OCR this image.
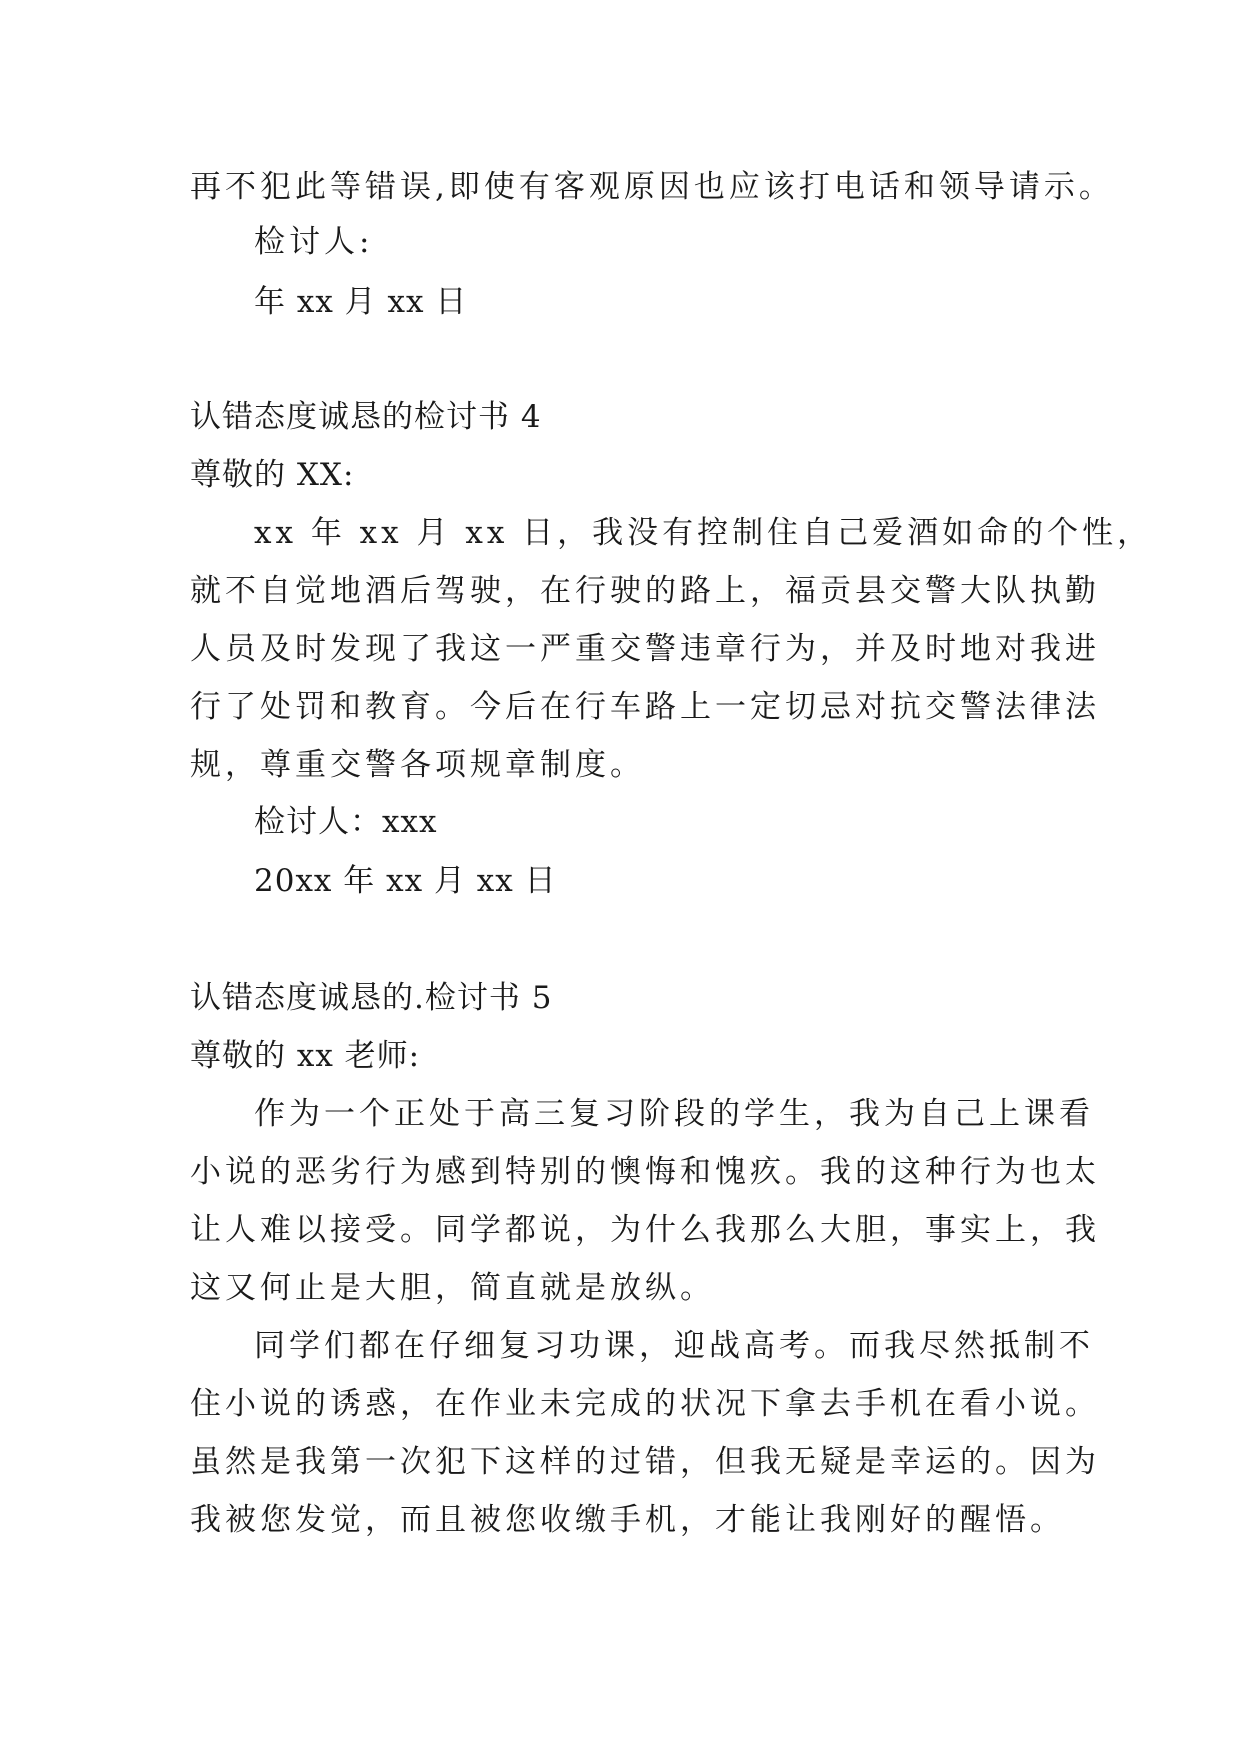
再不犯此等错误,即使有客观原因也应该打电话和领导请示。

检讨人:

年 xx 月 xx 日

认错态度诚恳的检讨书 4

尊敬的 XX:

xx 年 xx 月 xx 日，我没有控制住自己爱酒如命的个性，

就不自觉地酒后驾驶，在行驶的路上，福贡县交警大队执勤

人员及时发现了我这一严重交警违章行为，并及时地对我进

行了处罚和教育。今后在行车路上一定切忌对抗交警法律法

规，尊重交警各项规章制度。

检讨人：xxx

20xx 年 xx 月 xx 日

认错态度诚恳的.检讨书 5

尊敬的 xx 老师:

作为一个正处于高三复习阶段的学生，我为自己上课看

小说的恶劣行为感到特别的懊悔和愧疚。我的这种行为也太

让人难以接受。同学都说，为什么我那么大胆，事实上，我

这又何止是大胆，简直就是放纵。

同学们都在仔细复习功课，迎战高考。而我尽然抵制不

住小说的诱惑，在作业未完成的状况下拿去手机在看小说。

虽然是我第一次犯下这样的过错，但我无疑是幸运的。因为

我被您发觉，而且被您收缴手机，才能让我刚好的醒悟。
